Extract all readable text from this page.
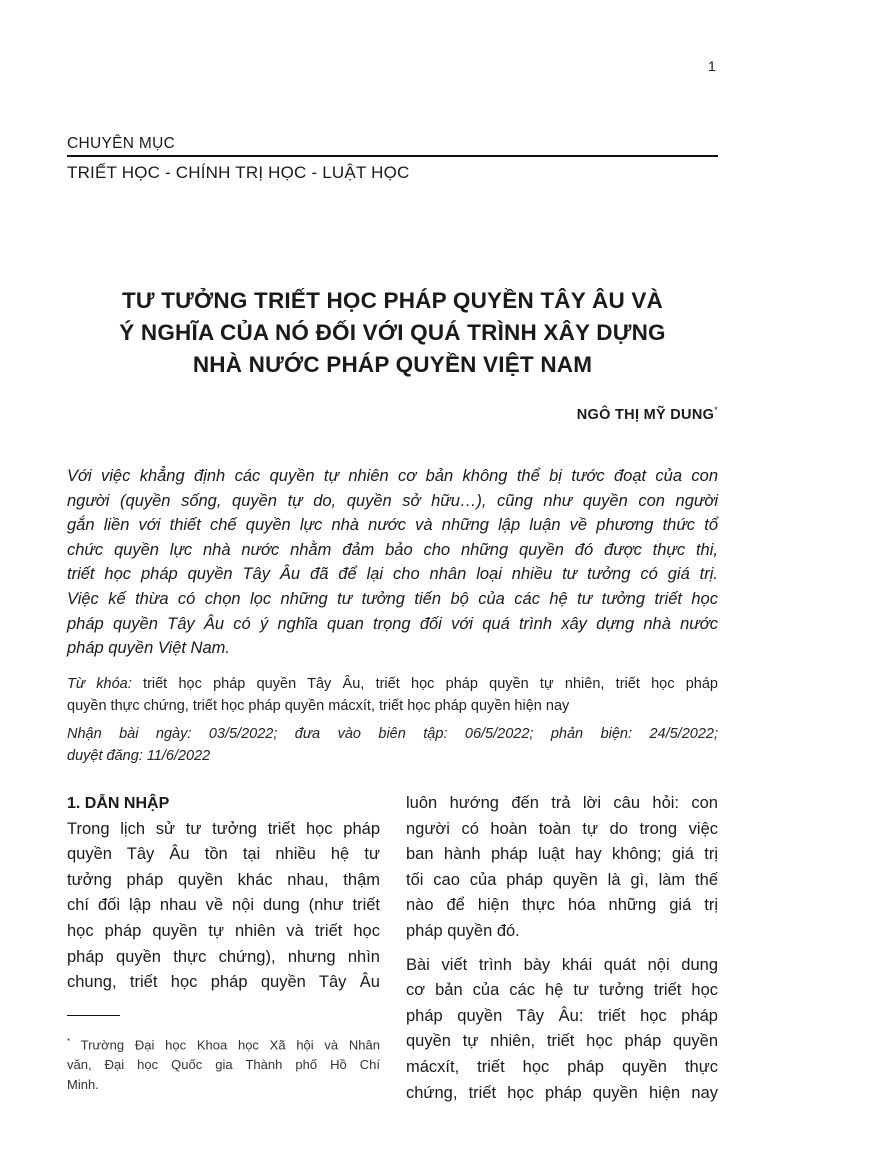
1
CHUYÊN MỤC
TRIẾT HỌC - CHÍNH TRỊ HỌC - LUẬT HỌC
TƯ TƯỞNG TRIẾT HỌC PHÁP QUYỀN TÂY ÂU VÀ
Ý NGHĨA CỦA NÓ ĐỐI VỚI QUÁ TRÌNH XÂY DỰNG
NHÀ NƯỚC PHÁP QUYỀN VIỆT NAM
NGÔ THỊ MỸ DUNG*
Với việc khẳng định các quyền tự nhiên cơ bản không thể bị tước đoạt của con
người (quyền sống, quyền tự do, quyền sở hữu…), cũng như quyền con người
gắn liền với thiết chế quyền lực nhà nước và những lập luận về phương thức tổ
chức quyền lực nhà nước nhằm đảm bảo cho những quyền đó được thực thi,
triết học pháp quyền Tây Âu đã để lại cho nhân loại nhiều tư tưởng có giá trị.
Việc kế thừa có chọn lọc những tư tưởng tiến bộ của các hệ tư tưởng triết học
pháp quyền Tây Âu có ý nghĩa quan trọng đối với quá trình xây dựng nhà nước
pháp quyền Việt Nam.
Từ khóa: triết học pháp quyền Tây Âu, triết học pháp quyền tự nhiên, triết học pháp
quyền thực chứng, triết học pháp quyền mácxít, triết học pháp quyền hiện nay
Nhận bài ngày: 03/5/2022; đưa vào biên tập: 06/5/2022; phản biện: 24/5/2022;
duyệt đăng: 11/6/2022
1. DẪN NHẬP
Trong lịch sử tư tưởng triết học pháp
quyền Tây Âu tồn tại nhiều hệ tư
tưởng pháp quyền khác nhau, thậm
chí đối lập nhau về nội dung (như triết
học pháp quyền tự nhiên và triết học
pháp quyền thực chứng), nhưng nhìn
chung, triết học pháp quyền Tây Âu
luôn hướng đến trả lời câu hỏi: con
người có hoàn toàn tự do trong việc
ban hành pháp luật hay không; giá trị
tối cao của pháp quyền là gì, làm thế
nào để hiện thực hóa những giá trị
pháp quyền đó.
Bài viết trình bày khái quát nội dung
cơ bản của các hệ tư tưởng triết học
pháp quyền Tây Âu: triết học pháp
quyền tự nhiên, triết học pháp quyền
mácxít, triết học pháp quyền thực
chứng, triết học pháp quyền hiện nay
* Trường Đại học Khoa học Xã hội và Nhân
văn, Đại học Quốc gia Thành phố Hồ Chí
Minh.
